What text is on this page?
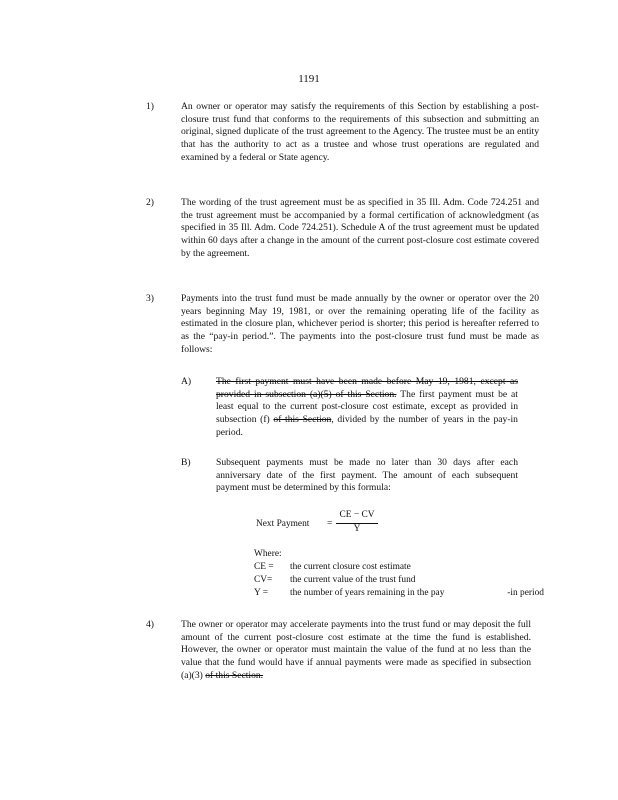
1191
1)	An owner or operator may satisfy the requirements of this Section by establishing a post-closure trust fund that conforms to the requirements of this subsection and submitting an original, signed duplicate of the trust agreement to the Agency. The trustee must be an entity that has the authority to act as a trustee and whose trust operations are regulated and examined by a federal or State agency.
2)	The wording of the trust agreement must be as specified in 35 Ill. Adm. Code 724.251 and the trust agreement must be accompanied by a formal certification of acknowledgment (as specified in 35 Ill. Adm. Code 724.251). Schedule A of the trust agreement must be updated within 60 days after a change in the amount of the current post-closure cost estimate covered by the agreement.
3)	Payments into the trust fund must be made annually by the owner or operator over the 20 years beginning May 19, 1981, or over the remaining operating life of the facility as estimated in the closure plan, whichever period is shorter; this period is hereafter referred to as the “pay-in period.”. The payments into the post-closure trust fund must be made as follows:
A)	The first payment must have been made before May 19, 1981, except as provided in subsection (a)(5) of this Section. The first payment must be at least equal to the current post-closure cost estimate, except as provided in subsection (f) of this Section, divided by the number of years in the pay-in period.
B)	Subsequent payments must be made no later than 30 days after each anniversary date of the first payment. The amount of each subsequent payment must be determined by this formula:
Next Payment =
CE − CV
Y
Where:
CE = the current closure cost estimate
CV= the current value of the trust fund
Y = the number of years remaining in the pay	-in period
4)	The owner or operator may accelerate payments into the trust fund or may deposit the full amount of the current post-closure cost estimate at the time the fund is established. However, the owner or operator must maintain the value of the fund at no less than the value that the fund would have if annual payments were made as specified in subsection (a)(3) of this Section.
